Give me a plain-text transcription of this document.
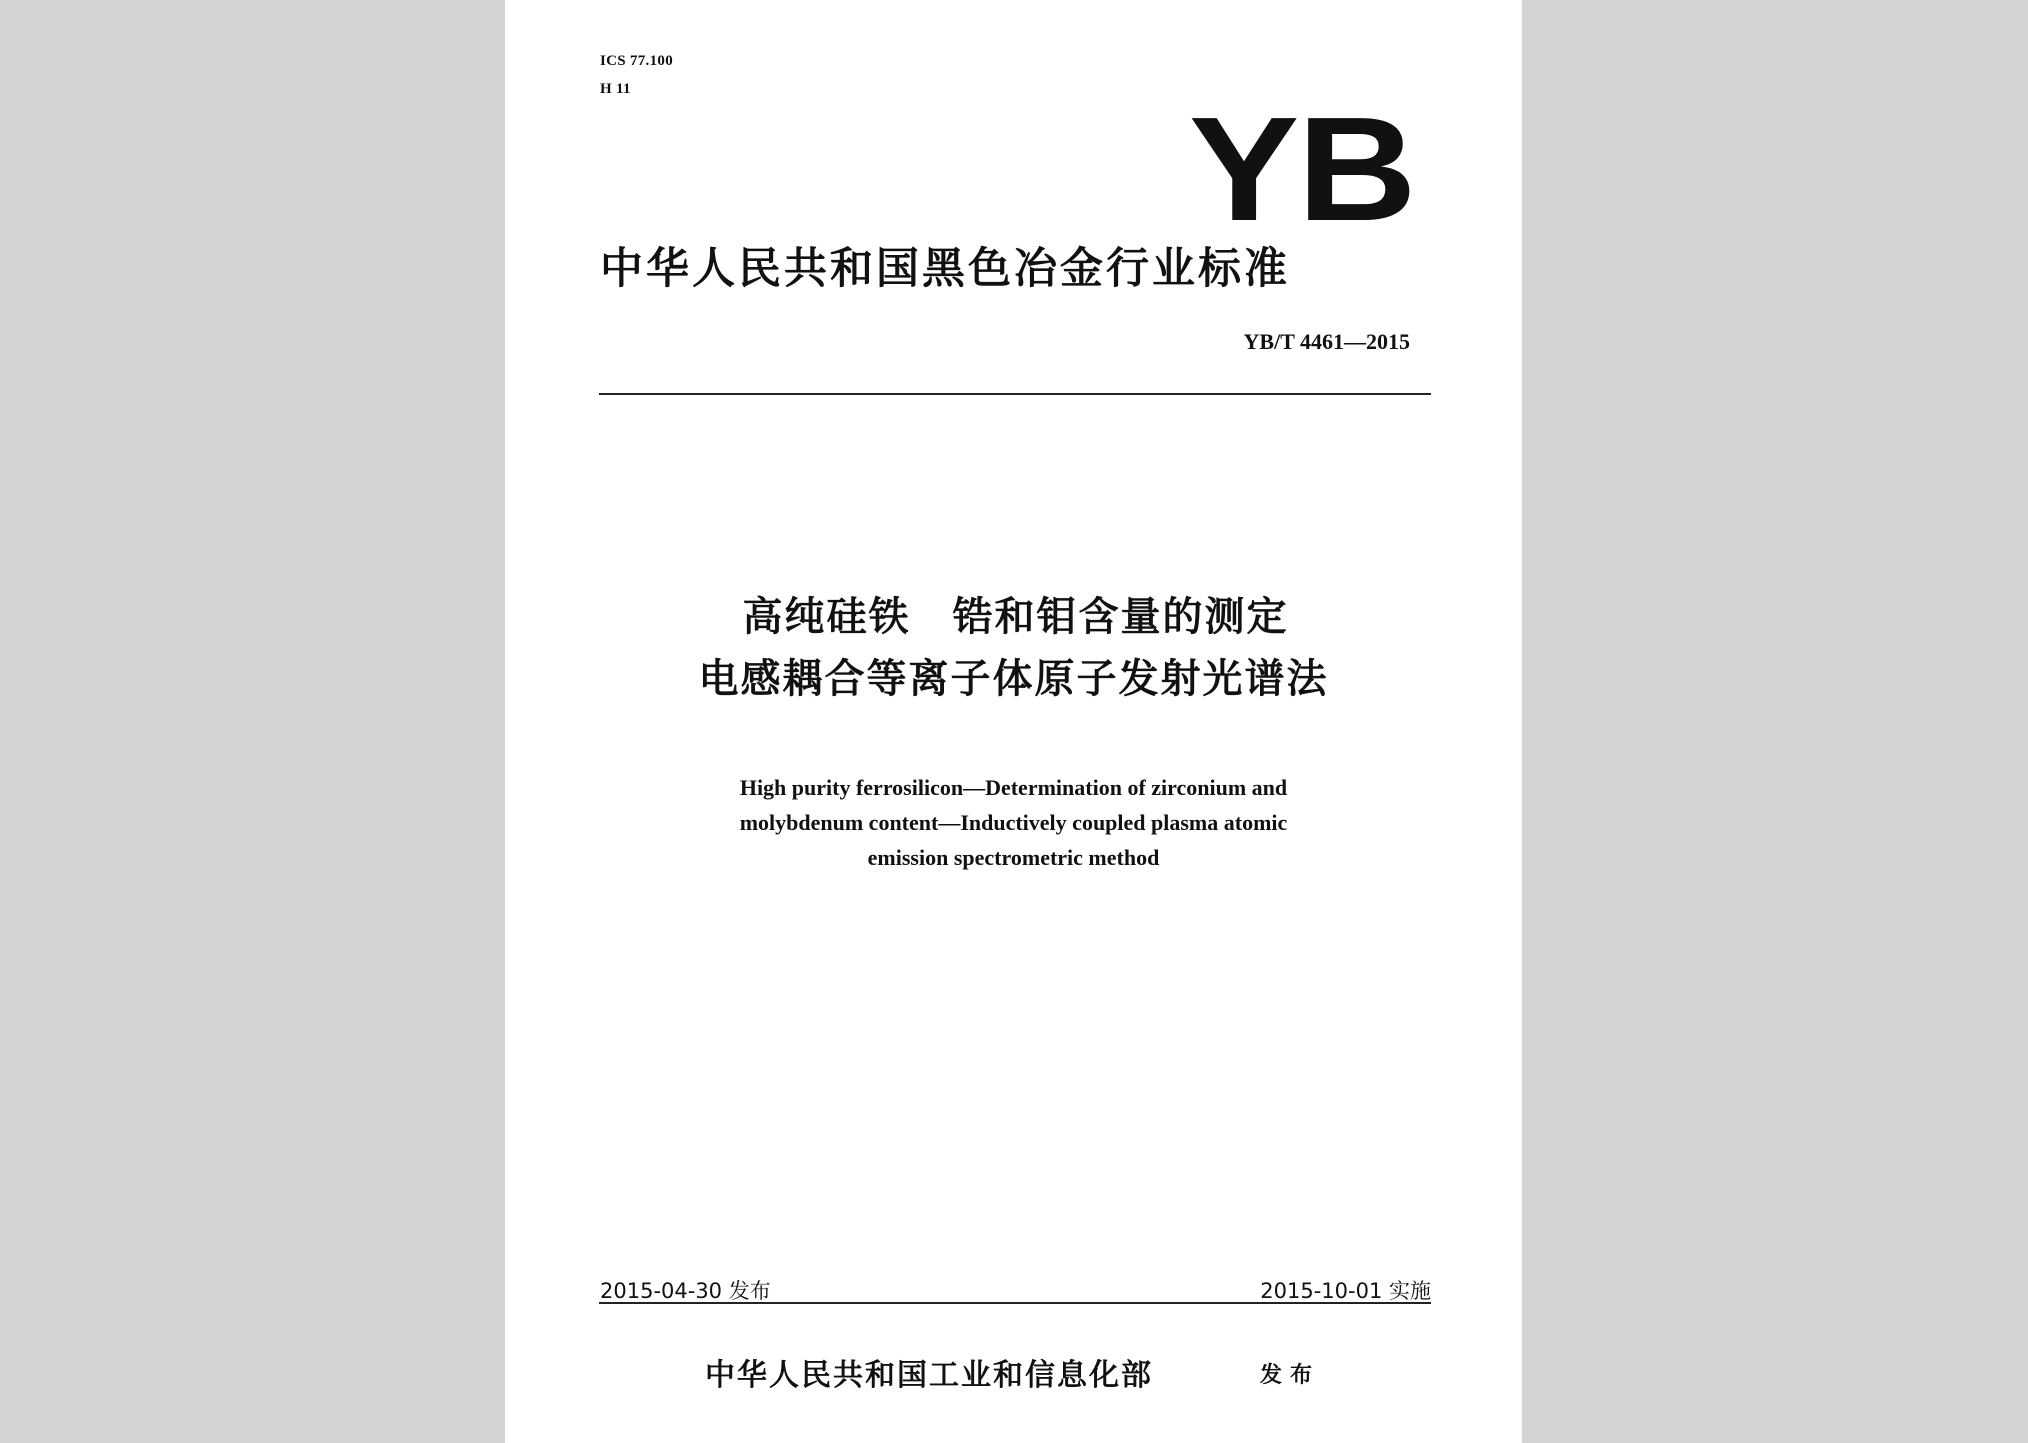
ICS 77.100
H 11	YB
中华人民共和国黑色冶金行业标准
YB/T 4461—2015
高纯硅铁　锆和钼含量的测定
电感耦合等离子体原子发射光谱法
High purity ferrosilicon—Determination of zirconium and
molybdenum content—Inductively coupled plasma atomic
emission spectrometric method
2015-04-30 发布	2015-10-01 实施
中华人民共和国工业和信息化部	发布
